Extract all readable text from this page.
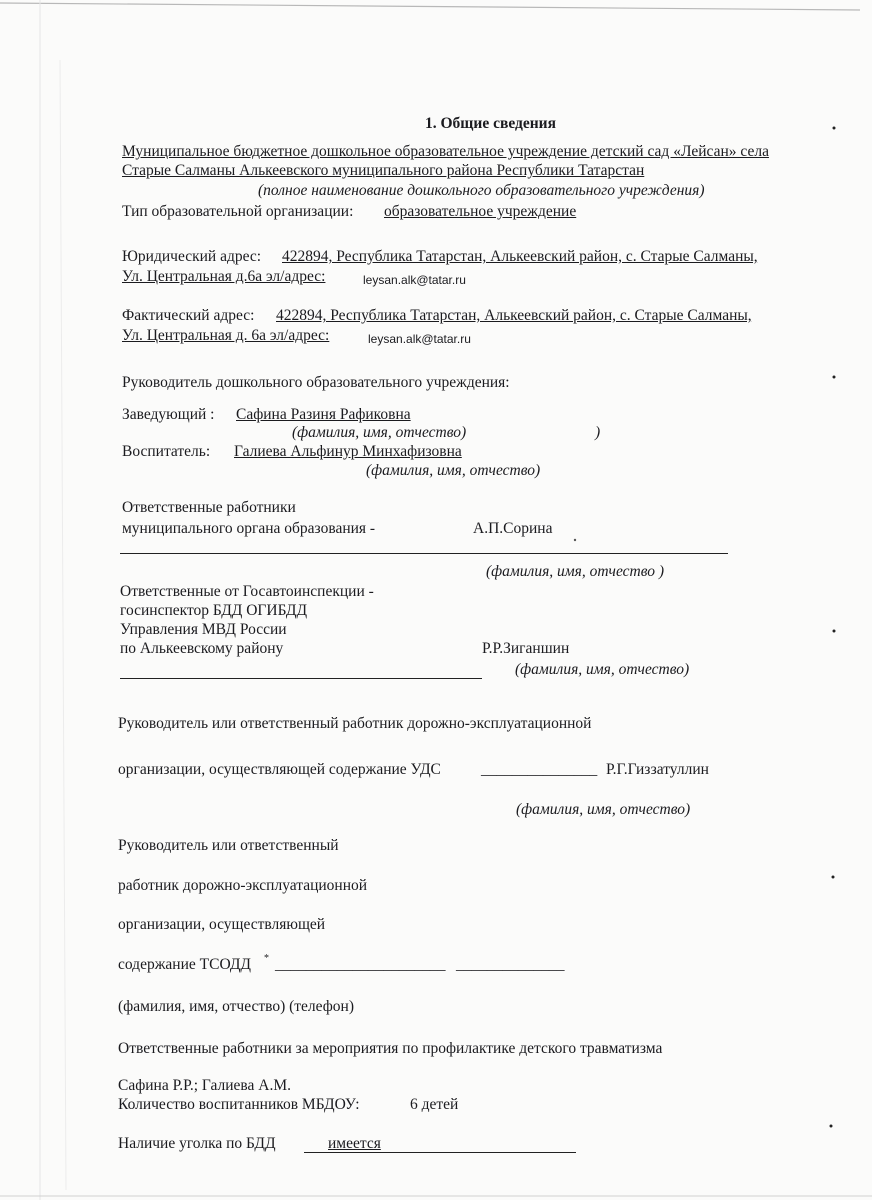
1. Общие сведения
Муниципальное бюджетное дошкольное образовательное учреждение детский сад «Лейсан» села
Старые Салманы Алькеевского муниципального района Республики Татарстан
(полное наименование дошкольного образовательного учреждения)
Тип образовательной организации: образовательное учреждение
Юридический адрес: 422894, Республика Татарстан, Алькеевский район, с. Старые Салманы,
Ул. Центральная д.6а эл/адрес:	leysan.alk@tatar.ru
Фактический адрес: 422894, Республика Татарстан, Алькеевский район, с. Старые Салманы,
Ул. Центральная д. 6а эл/адрес:	leysan.alk@tatar.ru
Руководитель дошкольного образовательного учреждения:
Заведующий : Сафина Разиня Рафиковна
(фамилия, имя, отчество)	)
Воспитатель: Галиева Альфинур Минхафизовна
(фамилия, имя, отчество)
Ответственные работники
муниципального органа образования -	А.П.Сорина
(фамилия, имя, отчество )
Ответственные от Госавтоинспекции -
госинспектор БДД ОГИБДД
Управления МВД России
по Алькеевскому району	Р.Р.Зиганшин
(фамилия, имя, отчество)
Руководитель или ответственный работник дорожно-эксплуатационной
организации, осуществляющей содержание УДС	_______________ Р.Г.Гиззатуллин
(фамилия, имя, отчество)
Руководитель или ответственный
работник дорожно-эксплуатационной
организации, осуществляющей
содержание ТСОДД * ______________________ ______________
(фамилия, имя, отчество) (телефон)
Ответственные работники за мероприятия по профилактике детского травматизма
Сафина Р.Р.; Галиева А.М.
Количество воспитанников МБДОУ:	6 детей
Наличие уголка по БДД	имеется
